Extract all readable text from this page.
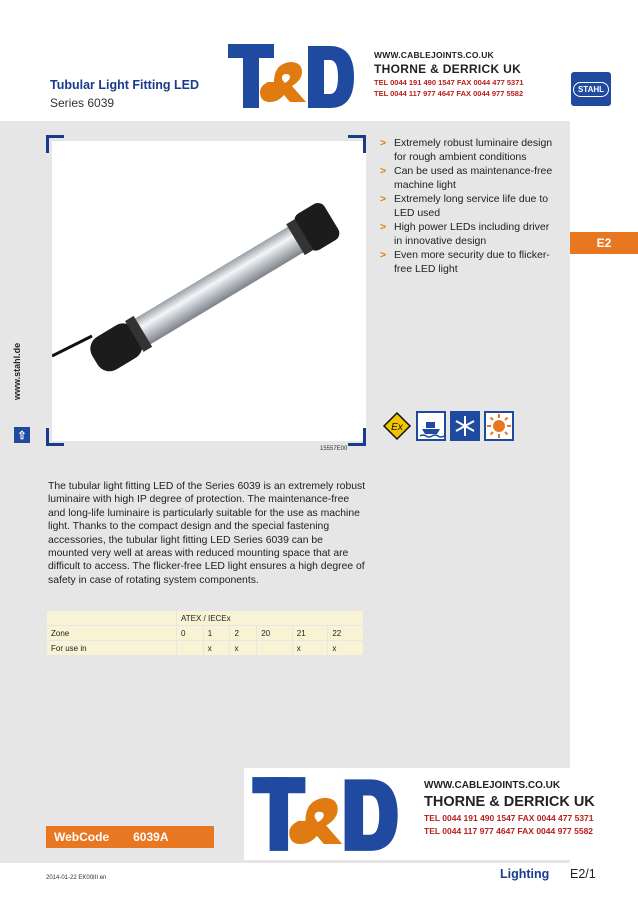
Tubular Light Fitting LED
Series 6039
WWW.CABLEJOINTS.CO.UK
THORNE & DERRICK UK
TEL 0044 191 490 1547 FAX 0044 477 5371
TEL 0044 117 977 4647 FAX 0044 977 5582	STAHL
15557E00
www.stahl.de
⇧
> Extremely robust luminaire design for rough ambient conditions
> Can be used as maintenance-free machine light
> Extremely long service life due to LED used
> High power LEDs including driver in innovative design
> Even more security due to flicker-free LED light
E2
Ex

The tubular light fitting LED of the Series 6039 is an extremely robust luminaire with high IP degree of protection. The maintenance-free and long-life luminaire is particularly suitable for the use as machine light. Thanks to the compact design and the special fastening accessories, the tubular light fitting LED Series 6039 can be mounted very well at areas with reduced mounting space that are difficult to access. The flicker-free LED light ensures a high degree of safety in case of rotating system components.

	ATEX / IECEx					
Zone	0	1	2	20	21	22
For use in		x	x		x	x
WWW.CABLEJOINTS.CO.UK
THORNE & DERRICK UK
TEL 0044 191 490 1547 FAX 0044 477 5371
TEL 0044 117 977 4647 FAX 0044 977 5582
WebCode 6039A
2014-01-22 EK00III en	Lighting E2/1
